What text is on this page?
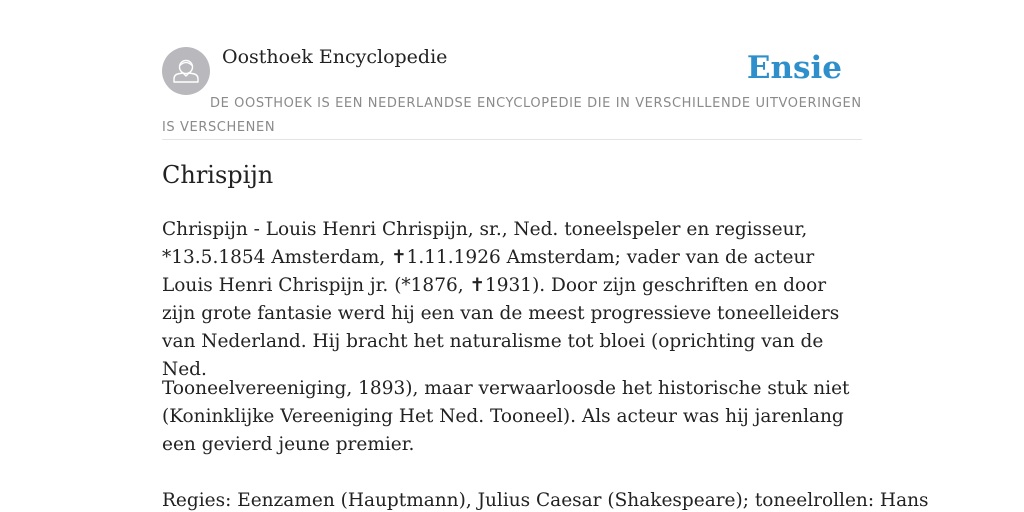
Oosthoek Encyclopedie	Ensie
DE OOSTHOEK IS EEN NEDERLANDSE ENCYCLOPEDIE DIE IN VERSCHILLENDE UITVOERINGEN IS VERSCHENEN
Chrispijn

Chrispijn - Louis Henri Chrispijn, sr., Ned. toneelspeler en regisseur, *13.5.1854 Amsterdam, ✝1.11.1926 Amsterdam; vader van de acteur Louis Henri Chrispijn jr. (*1876, ✝1931). Door zijn geschriften en door zijn grote fantasie werd hij een van de meest progressieve toneelleiders van Nederland. Hij bracht het naturalisme tot bloei (oprichting van de Ned.

Tooneelvereeniging, 1893), maar verwaarloosde het historische stuk niet (Koninklijke Vereeniging Het Ned. Tooneel). Als acteur was hij jarenlang een gevierd jeune premier.

Regies: Eenzamen (Hauptmann), Julius Caesar (Shakespeare); toneelrollen: Hans
